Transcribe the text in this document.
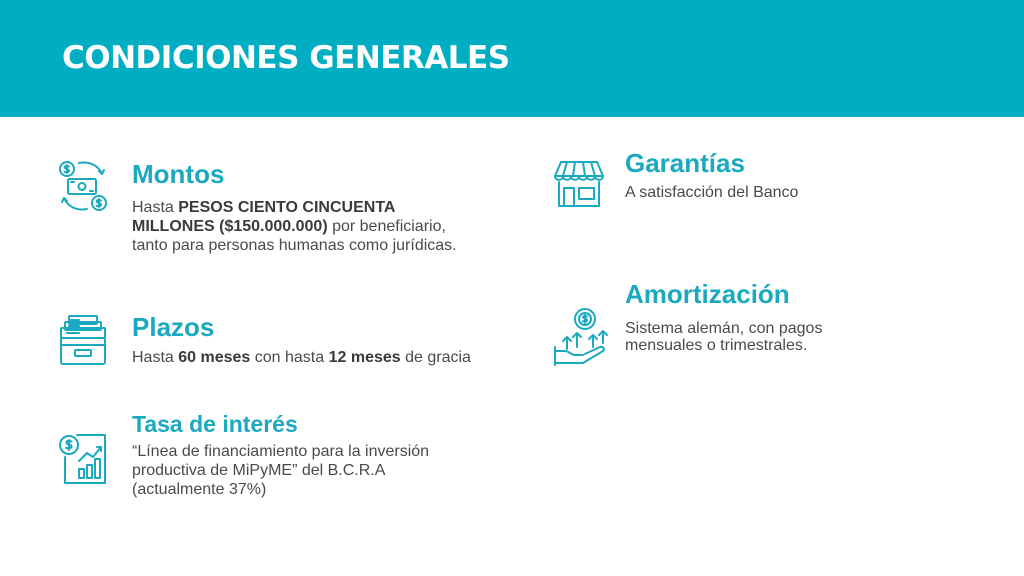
CONDICIONES GENERALES
Montos

Hasta PESOS CIENTO CINCUENTA MILLONES ($150.000.000) por beneficiario, tanto para personas humanas como jurídicas.

Plazos

Hasta 60 meses con hasta 12 meses de gracia

Tasa de interés

“Línea de financiamiento para la inversión productiva de MiPyME” del B.C.R.A (actualmente 37%)

Garantías

A satisfacción del Banco

Amortización

Sistema alemán, con pagos mensuales o trimestrales.
